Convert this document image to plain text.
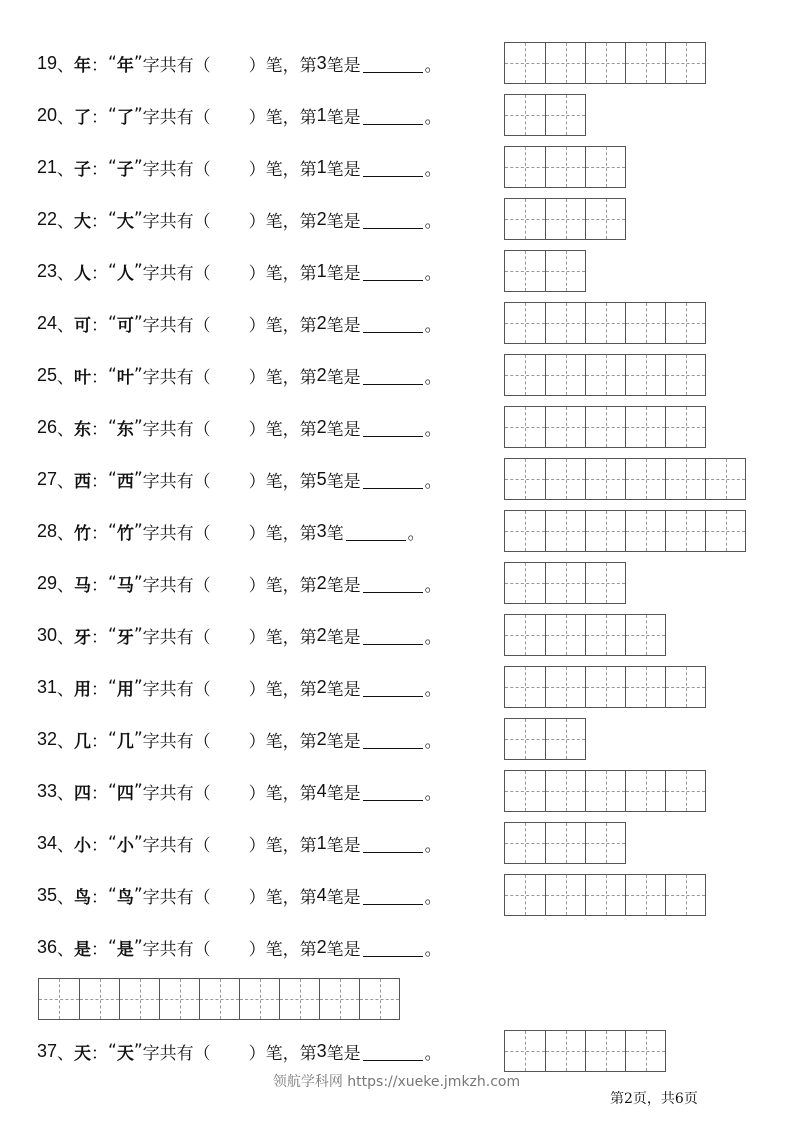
19 、 年 ： “ 年 ” 字共有（ ）笔，第 3 笔是	。
20 、 了 ： “ 了 ” 字共有（ ）笔，第 1 笔是	。
21 、 子 ： “ 子 ” 字共有（ ）笔，第 1 笔是	。
22 、 大 ： “ 大 ” 字共有（ ）笔，第 2 笔是	。
23 、 人 ： “ 人 ” 字共有（ ）笔，第 1 笔是	。
24 、 可 ： “ 可 ” 字共有（ ）笔，第 2 笔是	。
25 、 叶 ： “ 叶 ” 字共有（ ）笔，第 2 笔是	。
26 、 东 ： “ 东 ” 字共有（ ）笔，第 2 笔是	。
27 、 西 ： “ 西 ” 字共有（ ）笔，第 5 笔是	。
28 、 竹 ： “ 竹 ” 字共有（ ）笔，第 3 笔	。
29 、 马 ： “ 马 ” 字共有（ ）笔，第 2 笔是	。
30 、 牙 ： “ 牙 ” 字共有（ ）笔，第 2 笔是	。
31 、 用 ： “ 用 ” 字共有（ ）笔，第 2 笔是	。
32 、 几 ： “ 几 ” 字共有（ ）笔，第 2 笔是	。
33 、 四 ： “ 四 ” 字共有（ ）笔，第 4 笔是	。
34 、 小 ： “ 小 ” 字共有（ ）笔，第 1 笔是	。
35 、 鸟 ： “ 鸟 ” 字共有（ ）笔，第 4 笔是	。
36 、 是 ： “ 是 ” 字共有（ ）笔，第 2 笔是	。
37 、 天 ： “ 天 ” 字共有（ ）笔，第 3 笔是	。
领航学科网 https://xueke.jmkzh.com
第2页，共6页
